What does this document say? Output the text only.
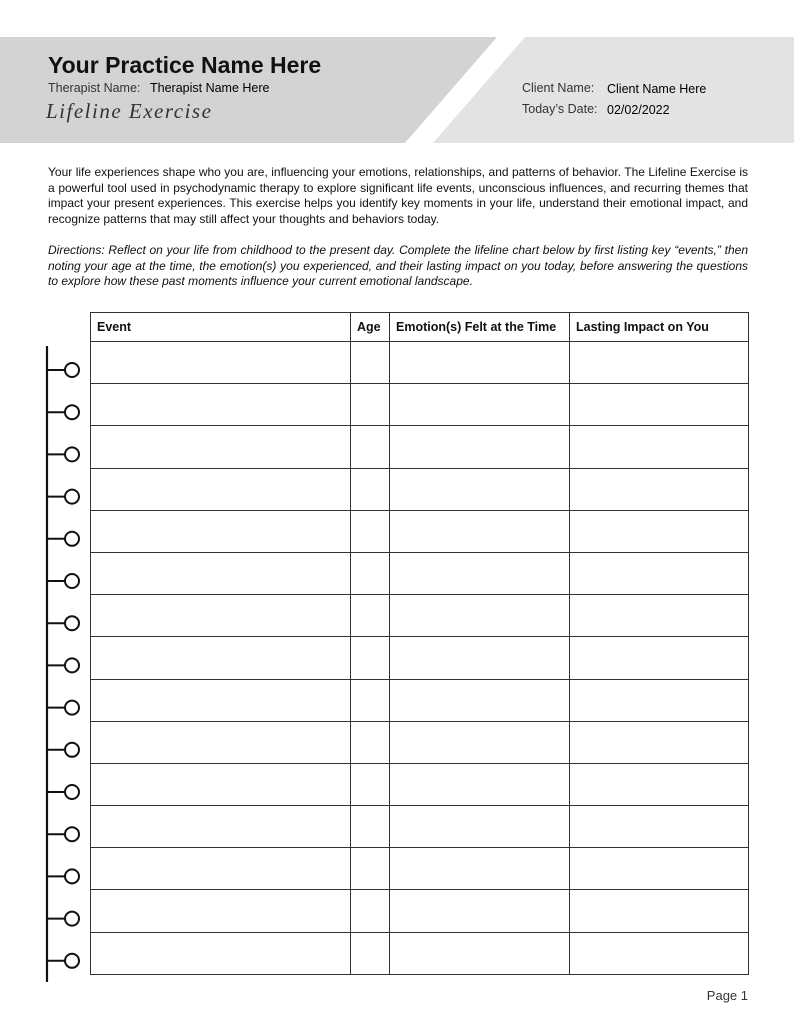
Your Practice Name Here
Therapist Name: Therapist Name Here
Lifeline Exercise
Client Name: Client Name Here
Today’s Date: 02/02/2022
Your life experiences shape who you are, influencing your emotions, relationships, and patterns of behavior. The Lifeline Exercise is a powerful tool used in psychodynamic therapy to explore significant life events, unconscious influences, and recurring themes that impact your present experiences. This exercise helps you identify key moments in your life, understand their emotional impact, and recognize patterns that may still affect your thoughts and behaviors today.
Directions: Reflect on your life from childhood to the present day. Complete the lifeline chart below by first listing key “events,” then noting your age at the time, the emotion(s) you experienced, and their lasting impact on you today, before answering the questions to explore how these past moments influence your current emotional landscape.
Event	Age	Emotion(s) Felt at the Time	Lasting Impact on You

Page 1
